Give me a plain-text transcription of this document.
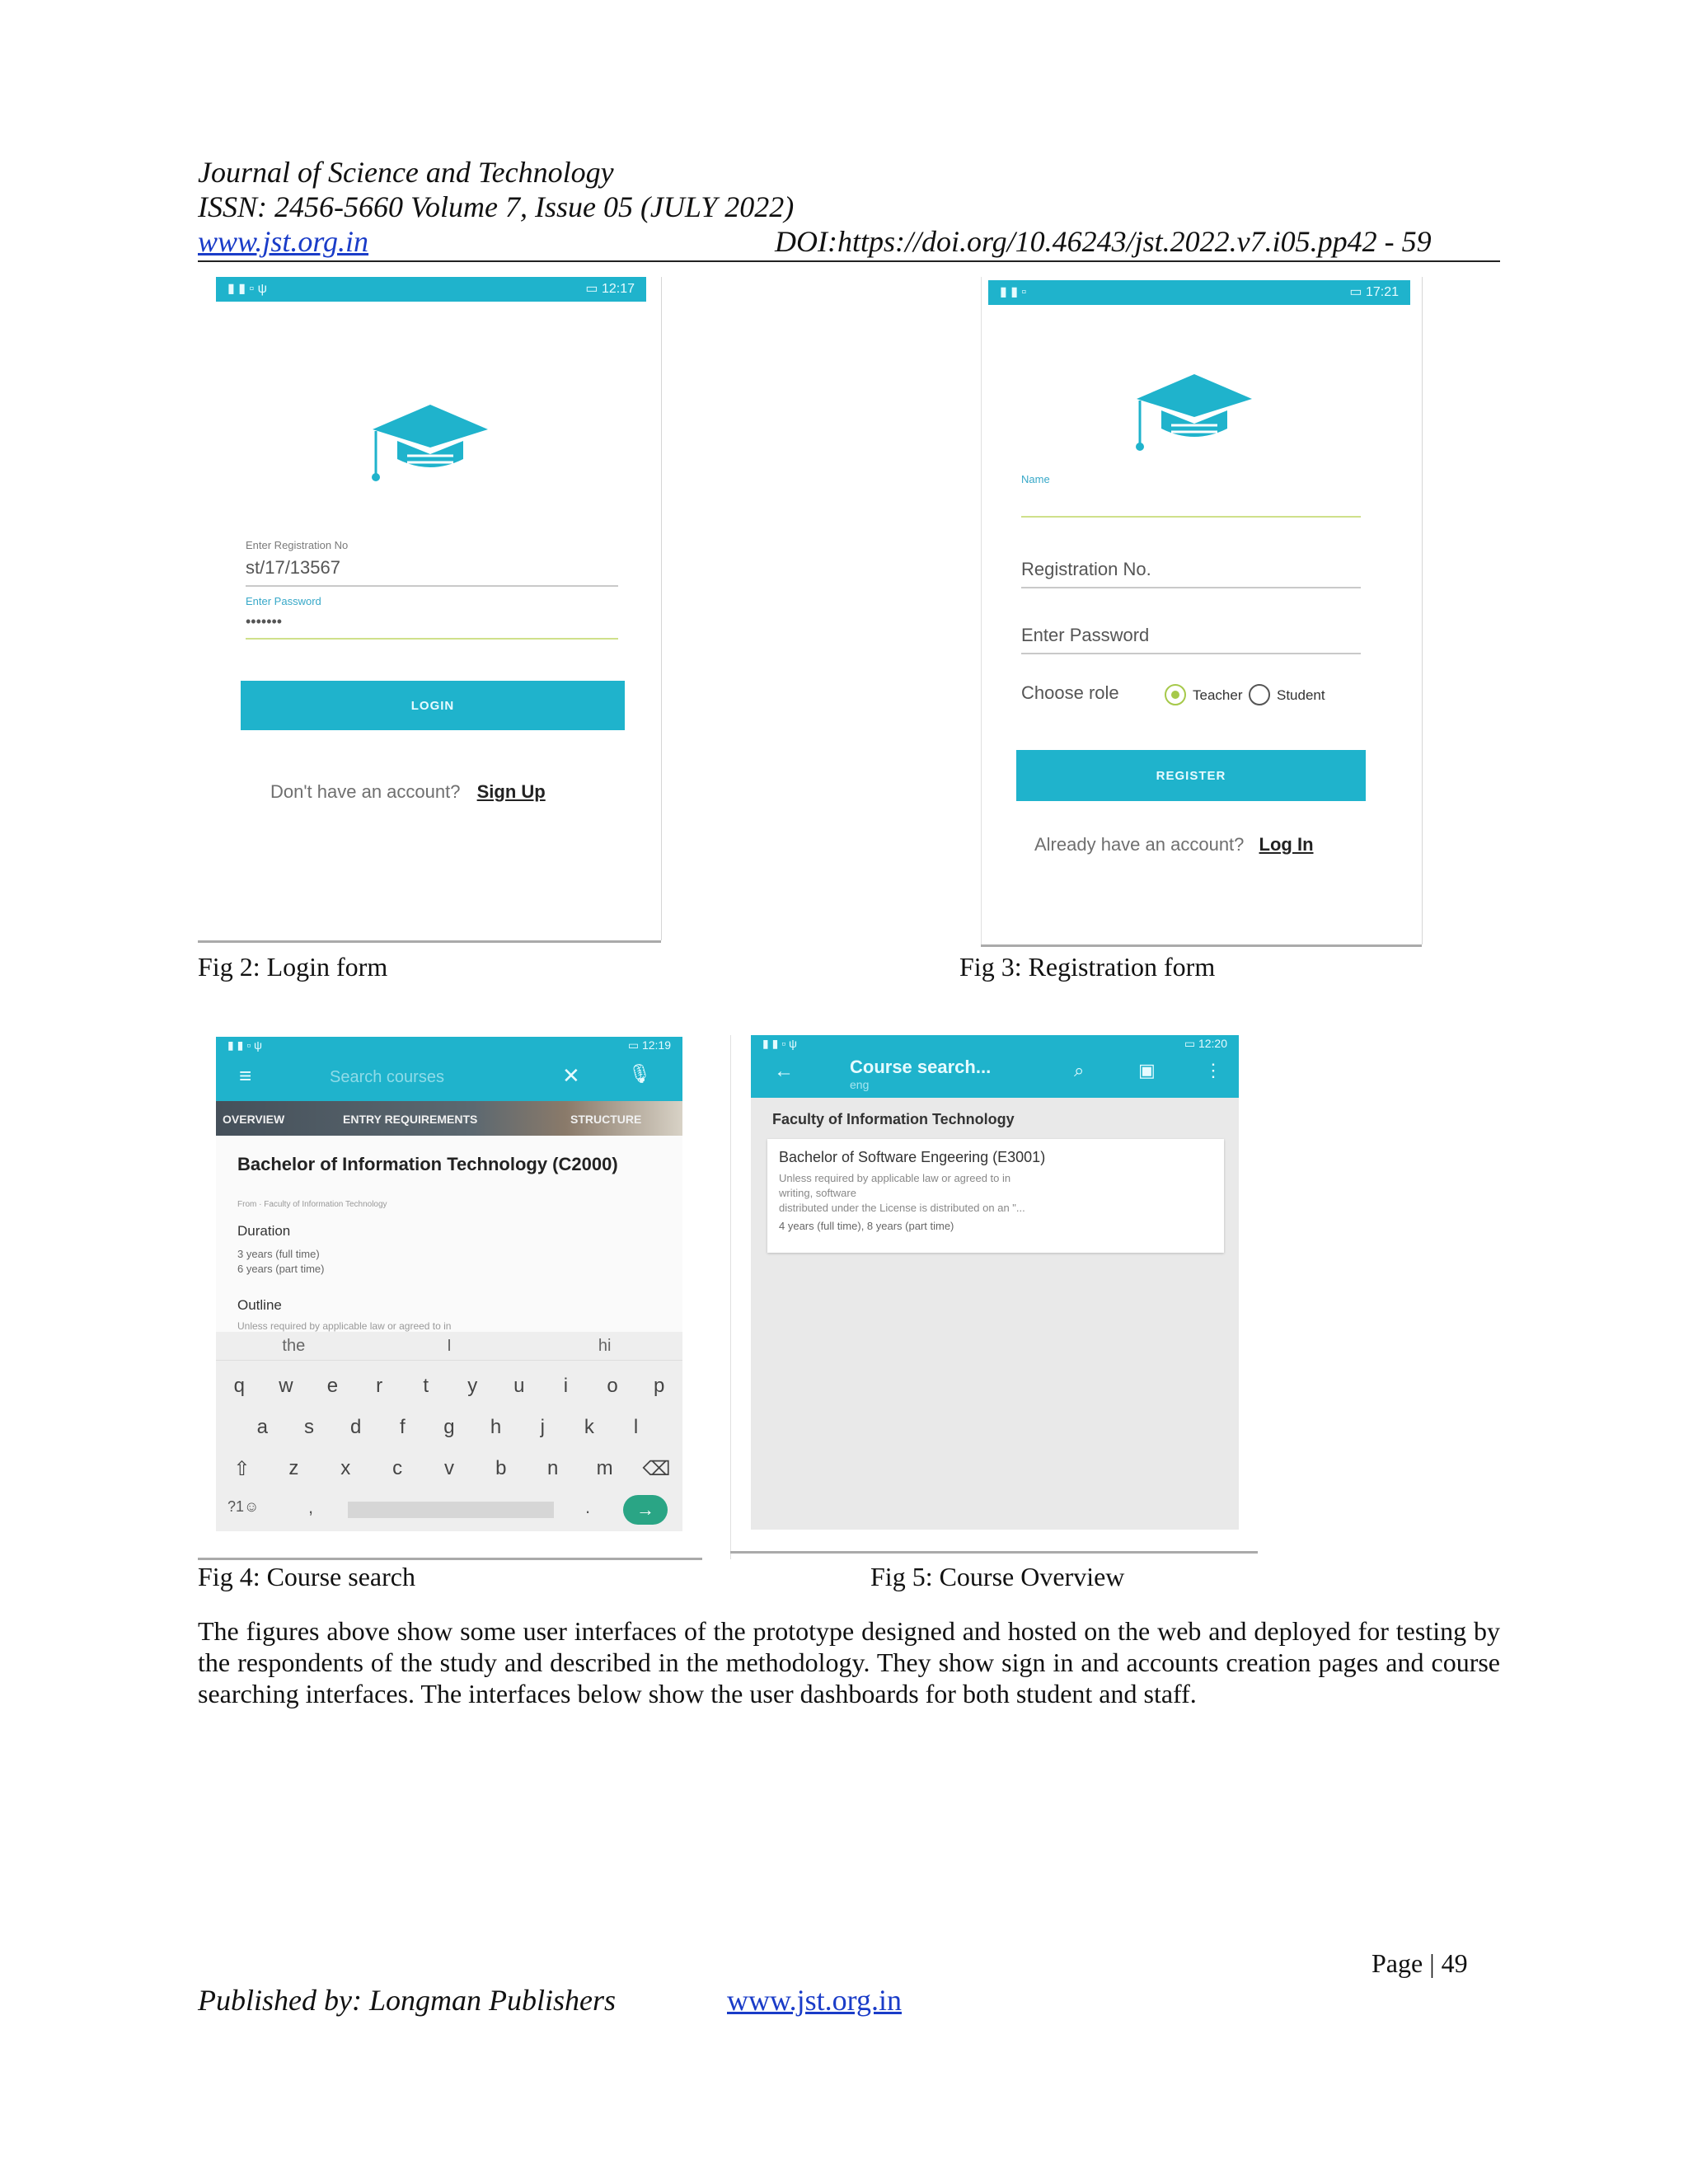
Journal of Science and Technology
ISSN: 2456-5660 Volume 7, Issue 05 (JULY 2022)
www.jst.org.in	DOI:https://doi.org/10.46243/jst.2022.v7.i05.pp42 - 59
▮ ▮ ▫ ψ	▭ 12:17
Enter Registration No
st/17/13567
Enter Password
•••••••
LOGIN
Don't have an account? Sign Up
Fig 2: Login form
▮ ▮ ▫	▭ 17:21
Name
Registration No.
Enter Password
Choose role	Teacher Student
REGISTER
Already have an account? Log In
Fig 3: Registration form
▮ ▮ ▫ ψ	▭ 12:19
≡	Search courses	✕	🎙
OVERVIEW	ENTRY REQUIREMENTS	STRUCTURE
Bachelor of Information Technology (C2000)
From · Faculty of Information Technology
Duration
3 years (full time)
6 years (part time)
Outline
Unless required by applicable law or agreed to in
the	I	hi
q	w	e	r	t	y	u	i	o	p
a	s	d	f	g	h	j	k	l
⇧	z	x	c	v	b	n	m	⌫
?1☺	,	.	→
Fig 4: Course search
▮ ▮ ▫ ψ	▭ 12:20
←	Course search...
eng
⌕	▣	⋮
Faculty of Information Technology
Bachelor of Software Engeering (E3001)
Unless required by applicable law or agreed to in
writing, software
distributed under the License is distributed on an "...
4 years (full time), 8 years (part time)
Fig 5: Course Overview

The figures above show some user interfaces of the prototype designed and hosted on the web and deployed for testing by the respondents of the study and described in the methodology. They show sign in and accounts creation pages and course searching interfaces. The interfaces below show the user dashboards for both student and staff.

Page | 49
Published by: Longman Publishers	www.jst.org.in
